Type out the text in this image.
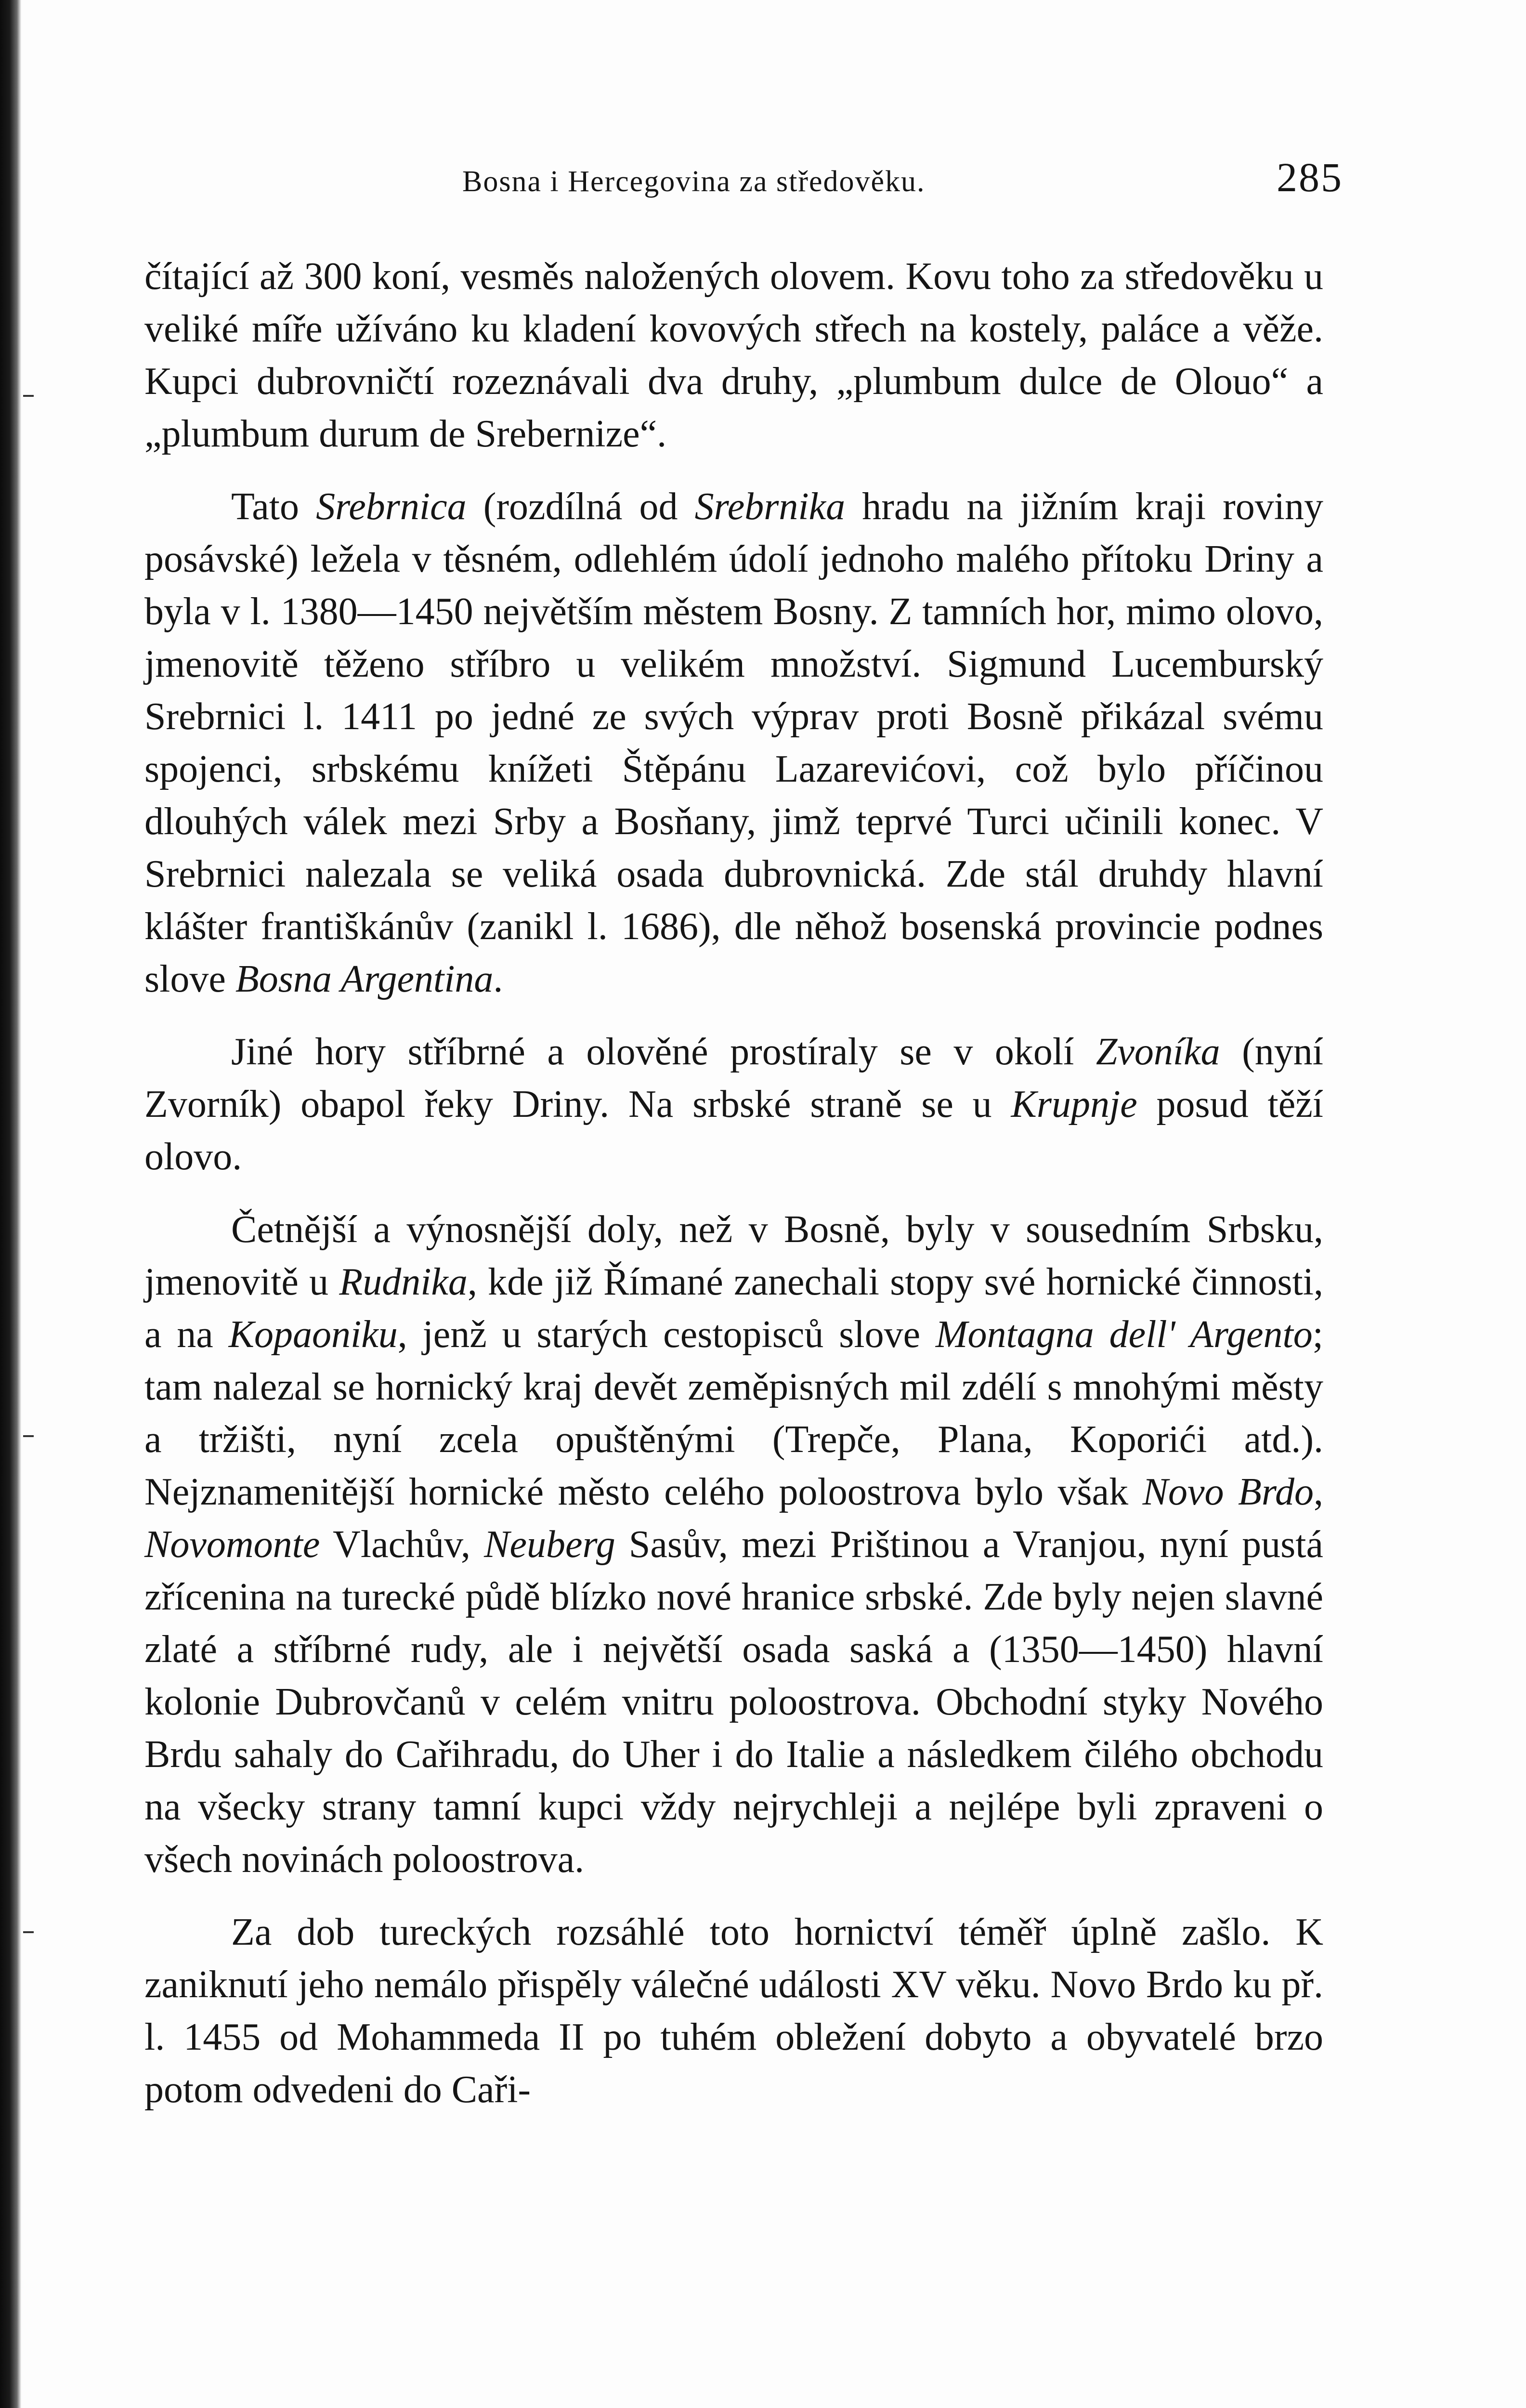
Bosna i Hercegovina za středověku.	285

čítající až 300 koní, vesměs naložených olovem. Kovu toho za středověku u veliké míře užíváno ku kladení kovových střech na kostely, paláce a věže. Kupci dubrovničtí rozeznávali dva druhy, „plumbum dulce de Olouo“ a „plumbum durum de Srebernize“.

Tato Srebrnica (rozdílná od Srebrnika hradu na jižním kraji roviny posávské) ležela v těsném, odlehlém údolí jednoho malého přítoku Driny a byla v l. 1380—1450 největším městem Bosny. Z tamních hor, mimo olovo, jmenovitě těženo stříbro u velikém množství. Sigmund Lucemburský Srebrnici l. 1411 po jedné ze svých výprav proti Bosně přikázal svému spojenci, srbskému knížeti Štěpánu Lazarevićovi, což bylo příčinou dlouhých válek mezi Srby a Bosňany, jimž teprvé Turci učinili konec. V Srebrnici nalezala se veliká osada dubrovnická. Zde stál druhdy hlavní klášter františkánův (zanikl l. 1686), dle něhož bosenská provincie podnes slove Bosna Argentina.

Jiné hory stříbrné a olověné prostíraly se v okolí Zvoníka (nyní Zvorník) obapol řeky Driny. Na srbské straně se u Krupnje posud těží olovo.

Četnější a výnosnější doly, než v Bosně, byly v sousedním Srbsku, jmenovitě u Rudnika, kde již Římané zanechali stopy své hornické činnosti, a na Kopaoniku, jenž u starých cestopisců slove Montagna dell' Argento; tam nalezal se hornický kraj devět zeměpisných mil zdélí s mnohými městy a tržišti, nyní zcela opuštěnými (Trepče, Plana, Koporići atd.). Nejznamenitější hornické město celého poloostrova bylo však Novo Brdo, Novomonte Vlachův, Neuberg Sasův, mezi Prištinou a Vranjou, nyní pustá zřícenina na turecké půdě blízko nové hranice srbské. Zde byly nejen slavné zlaté a stříbrné rudy, ale i největší osada saská a (1350—1450) hlavní kolonie Dubrovčanů v celém vnitru poloostrova. Obchodní styky Nového Brdu sahaly do Cařihradu, do Uher i do Italie a následkem čilého obchodu na všecky strany tamní kupci vždy nejrychleji a nejlépe byli zpraveni o všech novinách poloostrova.

Za dob tureckých rozsáhlé toto hornictví téměř úplně zašlo. K zaniknutí jeho nemálo přispěly válečné události XV věku. Novo Brdo ku př. l. 1455 od Mohammeda II po tuhém obležení dobyto a obyvatelé brzo potom odvedeni do Caři-
